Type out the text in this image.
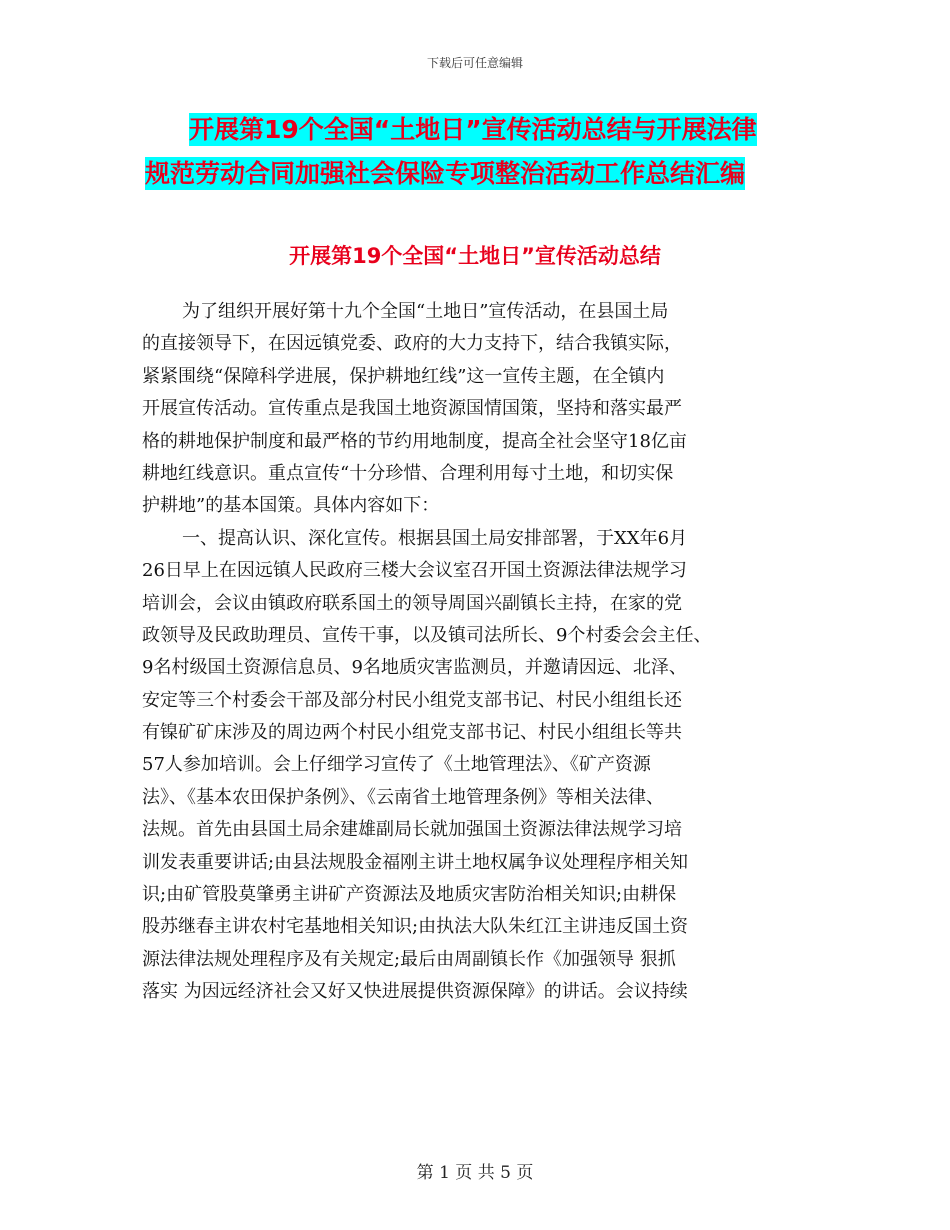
下载后可任意编辑
开展第19个全国“土地日”宣传活动总结与开展法律
规范劳动合同加强社会保险专项整治活动工作总结汇编
开展第19个全国“土地日”宣传活动总结
为了组织开展好第十九个全国“土地日”宣传活动，在县国土局
的直接领导下，在因远镇党委、政府的大力支持下，结合我镇实际，
紧紧围绕“保障科学进展，保护耕地红线”这一宣传主题，在全镇内
开展宣传活动。宣传重点是我国土地资源国情国策，坚持和落实最严
格的耕地保护制度和最严格的节约用地制度，提高全社会坚守18亿亩
耕地红线意识。重点宣传“十分珍惜、合理利用每寸土地，和切实保
护耕地”的基本国策。具体内容如下：
一、提高认识、深化宣传。根据县国土局安排部署，于XX年6月
26日早上在因远镇人民政府三楼大会议室召开国土资源法律法规学习
培训会，会议由镇政府联系国土的领导周国兴副镇长主持，在家的党
政领导及民政助理员、宣传干事，以及镇司法所长、9个村委会会主任、
9名村级国土资源信息员、9名地质灾害监测员，并邀请因远、北泽、
安定等三个村委会干部及部分村民小组党支部书记、村民小组组长还
有镍矿矿床涉及的周边两个村民小组党支部书记、村民小组组长等共
57人参加培训。会上仔细学习宣传了《土地管理法》、《矿产资源
法》、《基本农田保护条例》、《云南省土地管理条例》等相关法律、
法规。首先由县国土局余建雄副局长就加强国土资源法律法规学习培
训发表重要讲话;由县法规股金福刚主讲土地权属争议处理程序相关知
识;由矿管股莫肇勇主讲矿产资源法及地质灾害防治相关知识;由耕保
股苏继春主讲农村宅基地相关知识;由执法大队朱红江主讲违反国土资
源法律法规处理程序及有关规定;最后由周副镇长作《加强领导 狠抓
落实 为因远经济社会又好又快进展提供资源保障》的讲话。会议持续
第 1 页 共 5 页
